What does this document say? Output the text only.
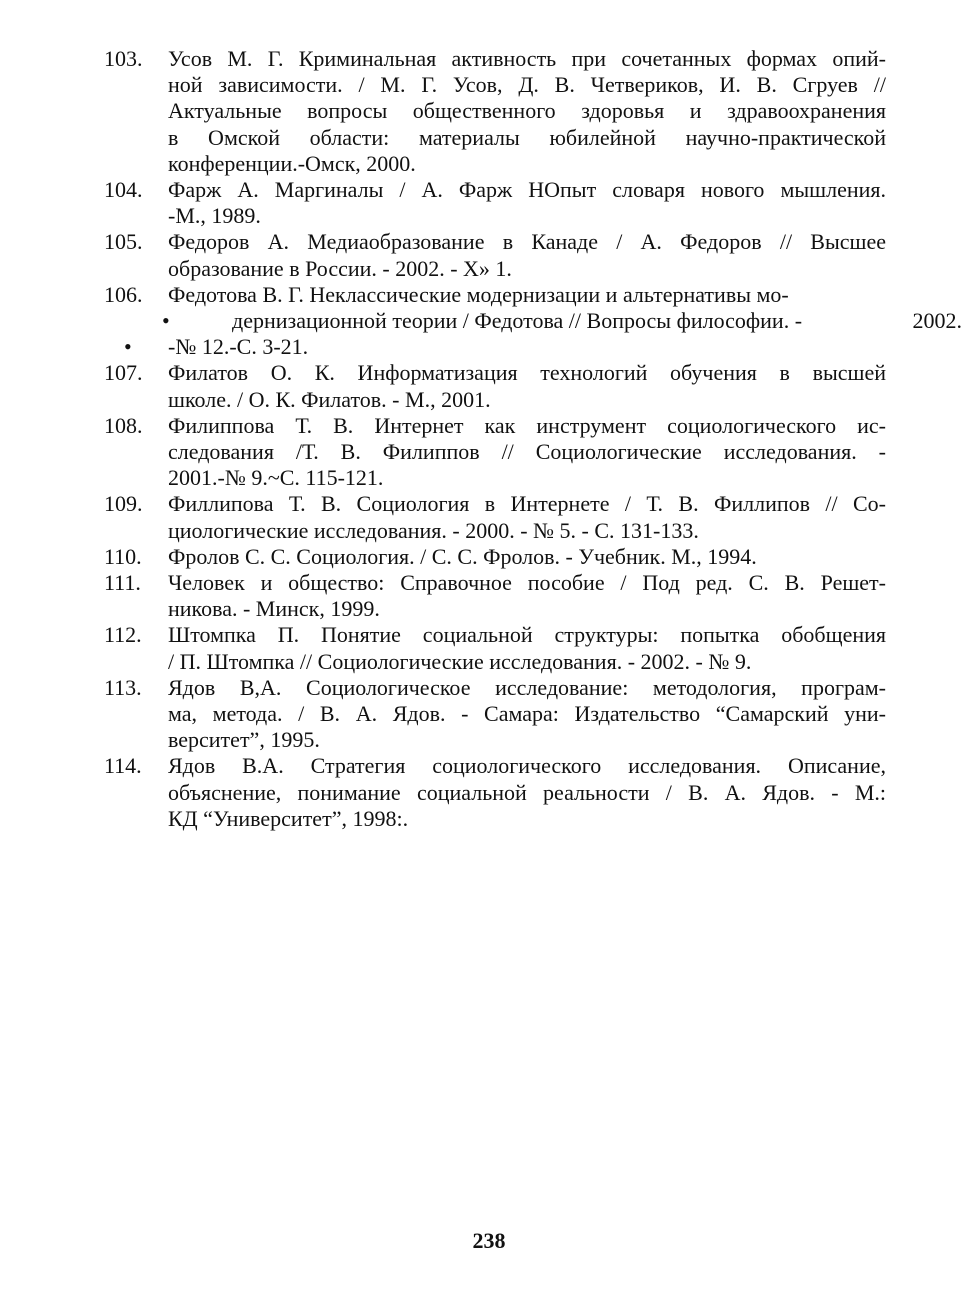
103. Усов М. Г. Криминальная активность при сочетанных формах опий-
ной зависимости. / М. Г. Усов, Д. В. Четвериков, И. В. Сгруев //
Актуальные вопросы общественного здоровья и здравоохранения
в Омской области: материалы юбилейной научно-практической
конференции.-Омск, 2000.
104. Фарж А. Маргиналы / А. Фарж НОпыт словаря нового мышления.
-М., 1989.
105. Федоров А. Медиаобразование в Канаде / А. Федоров // Высшее
образование в России. - 2002. - Х» 1.
106. Федотова В. Г. Неклассические модернизации и альтернативы мо-
•	дернизационной теории / Федотова // Вопросы философии. -	2002.
• -№ 12.-С. 3-21.
107. Филатов О. К. Информатизация технологий обучения в высшей
школе. / О. К. Филатов. - М., 2001.
108. Филиппова Т. В. Интернет как инструмент социологического ис-
следования /Т. В. Филиппов // Социологические исследования. -
2001.-№ 9.~С. 115-121.
109. Филлипова Т. В. Социология в Интернете / Т. В. Филлипов // Со-
циологические исследования. - 2000. - № 5. - С. 131-133.
110. Фролов С. С. Социология. / С. С. Фролов. - Учебник. М., 1994.
111. Человек и общество: Справочное пособие / Под ред. С. В. Решет-
никова. - Минск, 1999.
112. Штомпка П. Понятие социальной структуры: попытка обобщения
/ П. Штомпка // Социологические исследования. - 2002. - № 9.
113. Ядов В,А. Социологическое исследование: методология, програм-
ма, метода. / В. А. Ядов. - Самара: Издательство “Самарский уни-
верситет”, 1995.
114. Ядов В.А. Стратегия социологического исследования. Описание,
объяснение, понимание социальной реальности / В. А. Ядов. - М.:
КД “Университет”, 1998:.
238
